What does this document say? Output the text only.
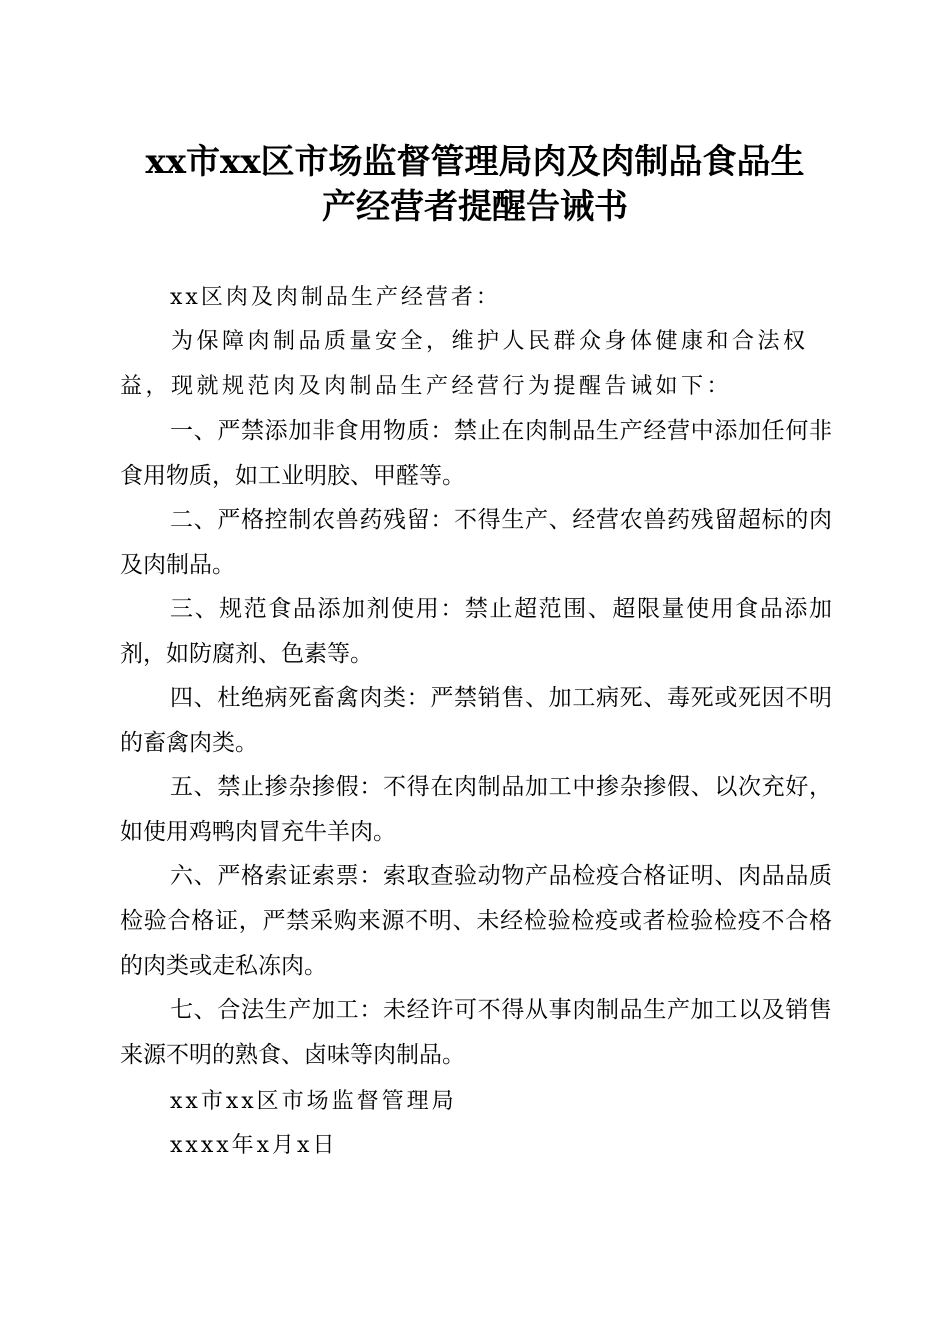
xx市xx区市场监督管理局肉及肉制品食品生
产经营者提醒告诫书

xx区肉及肉制品生产经营者：

为保障肉制品质量安全，维护人民群众身体健康和合法权益，现就规范肉及肉制品生产经营行为提醒告诫如下：

一、严禁添加非食用物质：禁止在肉制品生产经营中添加任何非食用物质，如工业明胶、甲醛等。

二、严格控制农兽药残留：不得生产、经营农兽药残留超标的肉及肉制品。

三、规范食品添加剂使用：禁止超范围、超限量使用食品添加剂，如防腐剂、色素等。

四、杜绝病死畜禽肉类：严禁销售、加工病死、毒死或死因不明的畜禽肉类。

五、禁止掺杂掺假：不得在肉制品加工中掺杂掺假、以次充好，如使用鸡鸭肉冒充牛羊肉。

六、严格索证索票：索取查验动物产品检疫合格证明、肉品品质检验合格证，严禁采购来源不明、未经检验检疫或者检验检疫不合格的肉类或走私冻肉。

七、合法生产加工：未经许可不得从事肉制品生产加工以及销售来源不明的熟食、卤味等肉制品。

xx市xx区市场监督管理局

xxxx年x月x日
